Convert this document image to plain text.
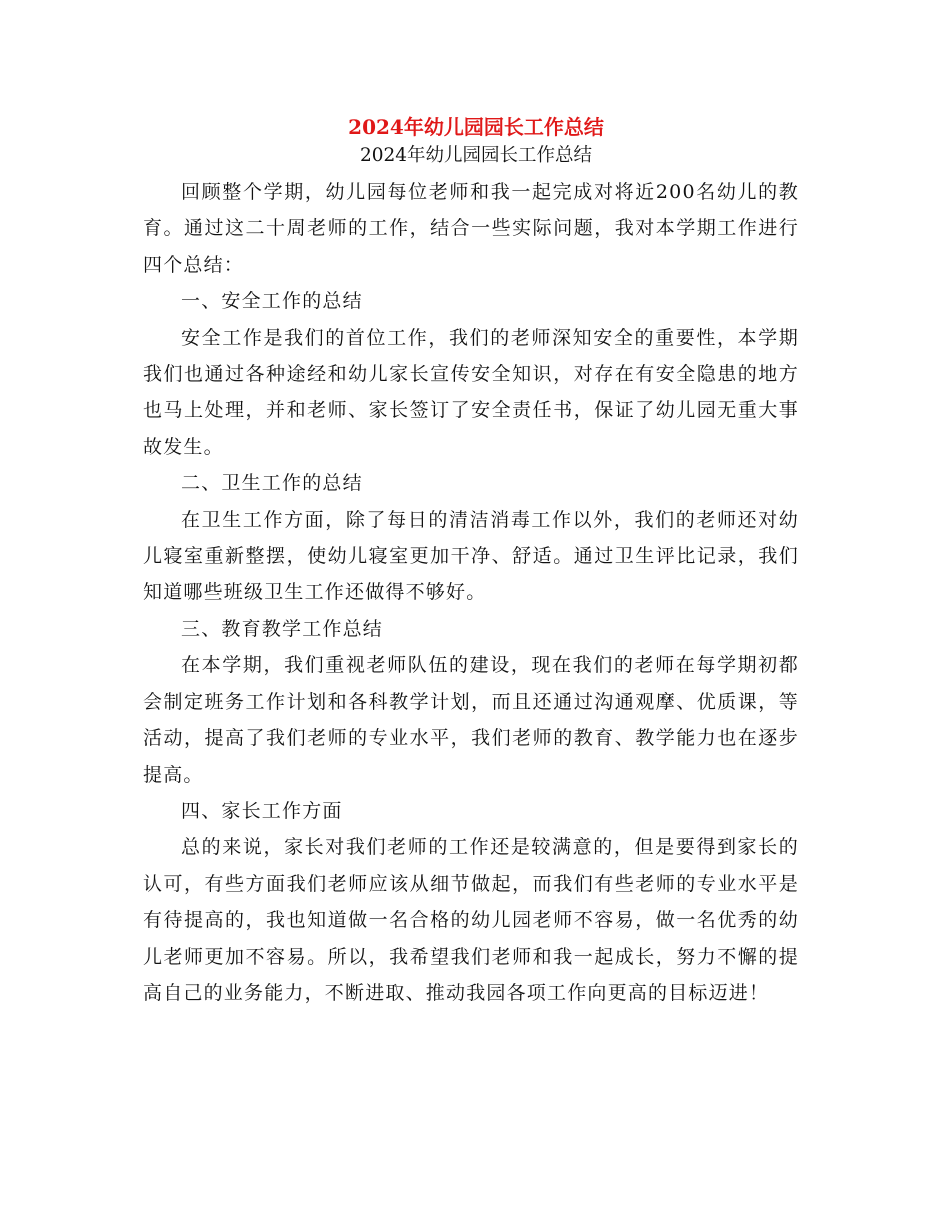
2024年幼儿园园长工作总结

2024年幼儿园园长工作总结

回顾整个学期，幼儿园每位老师和我一起完成对将近200名幼儿的教育。通过这二十周老师的工作，结合一些实际问题，我对本学期工作进行四个总结：

一、安全工作的总结

安全工作是我们的首位工作，我们的老师深知安全的重要性，本学期我们也通过各种途经和幼儿家长宣传安全知识，对存在有安全隐患的地方也马上处理，并和老师、家长签订了安全责任书，保证了幼儿园无重大事故发生。

二、卫生工作的总结

在卫生工作方面，除了每日的清洁消毒工作以外，我们的老师还对幼儿寝室重新整摆，使幼儿寝室更加干净、舒适。通过卫生评比记录，我们知道哪些班级卫生工作还做得不够好。

三、教育教学工作总结

在本学期，我们重视老师队伍的建设，现在我们的老师在每学期初都会制定班务工作计划和各科教学计划，而且还通过沟通观摩、优质课，等活动，提高了我们老师的专业水平，我们老师的教育、教学能力也在逐步提高。

四、家长工作方面

总的来说，家长对我们老师的工作还是较满意的，但是要得到家长的认可，有些方面我们老师应该从细节做起，而我们有些老师的专业水平是有待提高的，我也知道做一名合格的幼儿园老师不容易，做一名优秀的幼儿老师更加不容易。所以，我希望我们老师和我一起成长，努力不懈的提高自己的业务能力，不断进取、推动我园各项工作向更高的目标迈进！
